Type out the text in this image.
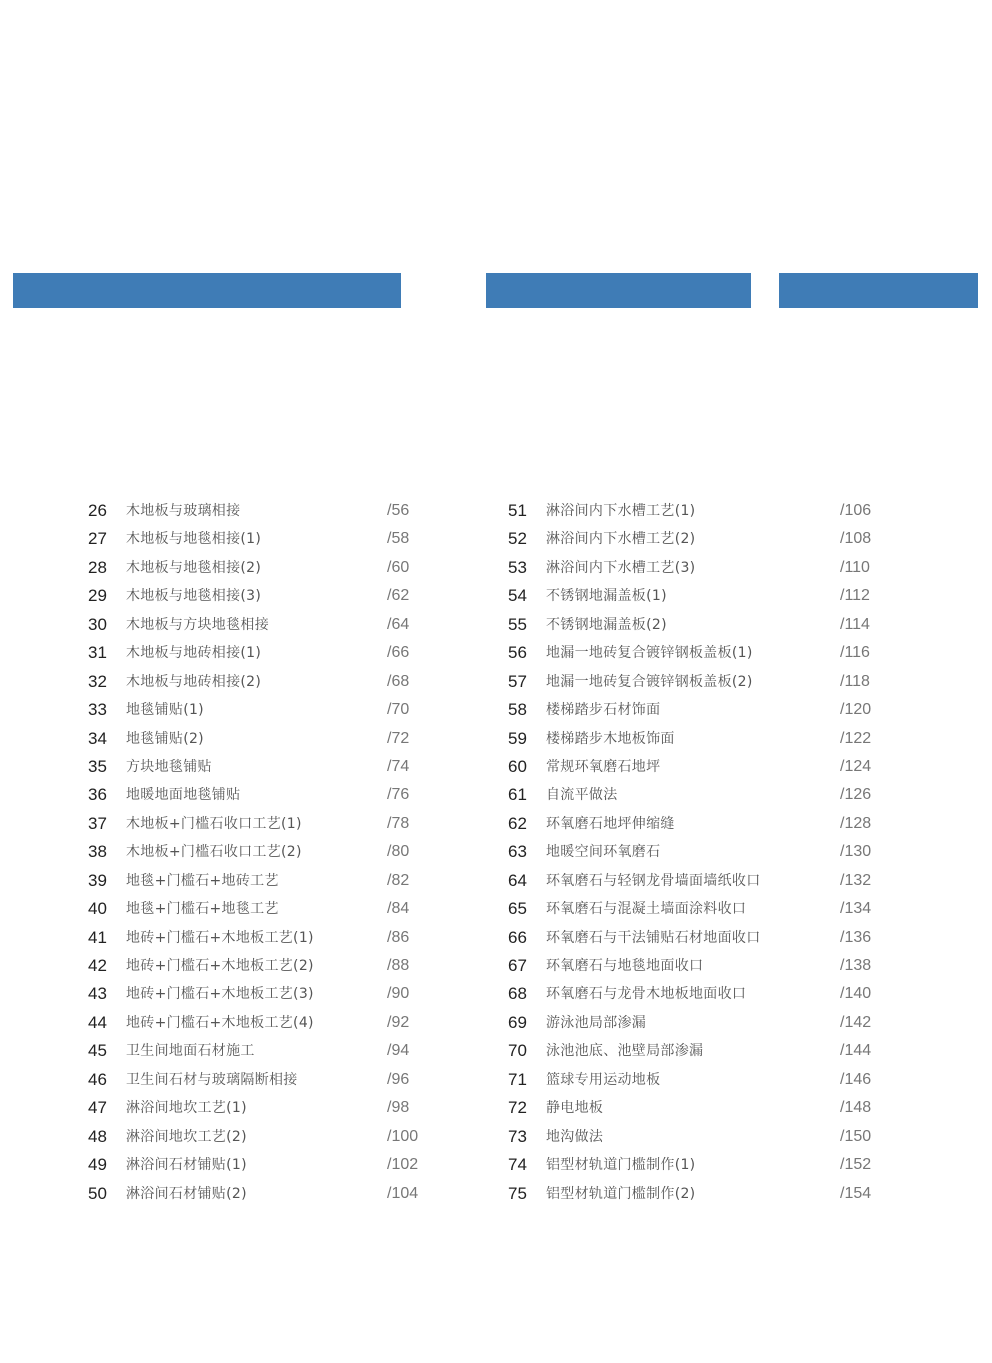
26	木地板与玻璃相接	/56
27	木地板与地毯相接(1)	/58
28	木地板与地毯相接(2)	/60
29	木地板与地毯相接(3)	/62
30	木地板与方块地毯相接	/64
31	木地板与地砖相接(1)	/66
32	木地板与地砖相接(2)	/68
33	地毯铺贴(1)	/70
34	地毯铺贴(2)	/72
35	方块地毯铺贴	/74
36	地暖地面地毯铺贴	/76
37	木地板+门槛石收口工艺(1)	/78
38	木地板+门槛石收口工艺(2)	/80
39	地毯+门槛石+地砖工艺	/82
40	地毯+门槛石+地毯工艺	/84
41	地砖+门槛石+木地板工艺(1)	/86
42	地砖+门槛石+木地板工艺(2)	/88
43	地砖+门槛石+木地板工艺(3)	/90
44	地砖+门槛石+木地板工艺(4)	/92
45	卫生间地面石材施工	/94
46	卫生间石材与玻璃隔断相接	/96
47	淋浴间地坎工艺(1)	/98
48	淋浴间地坎工艺(2)	/100
49	淋浴间石材铺贴(1)	/102
50	淋浴间石材铺贴(2)	/104
51	淋浴间内下水槽工艺(1)	/106
52	淋浴间内下水槽工艺(2)	/108
53	淋浴间内下水槽工艺(3)	/110
54	不锈钢地漏盖板(1)	/112
55	不锈钢地漏盖板(2)	/114
56	地漏一地砖复合镀锌钢板盖板(1)	/116
57	地漏一地砖复合镀锌钢板盖板(2)	/118
58	楼梯踏步石材饰面	/120
59	楼梯踏步木地板饰面	/122
60	常规环氧磨石地坪	/124
61	自流平做法	/126
62	环氧磨石地坪伸缩缝	/128
63	地暖空间环氧磨石	/130
64	环氧磨石与轻钢龙骨墙面墙纸收口	/132
65	环氧磨石与混凝土墙面涂料收口	/134
66	环氧磨石与干法铺贴石材地面收口	/136
67	环氧磨石与地毯地面收口	/138
68	环氧磨石与龙骨木地板地面收口	/140
69	游泳池局部渗漏	/142
70	泳池池底、池壁局部渗漏	/144
71	篮球专用运动地板	/146
72	静电地板	/148
73	地沟做法	/150
74	铝型材轨道门槛制作(1)	/152
75	铝型材轨道门槛制作(2)	/154
